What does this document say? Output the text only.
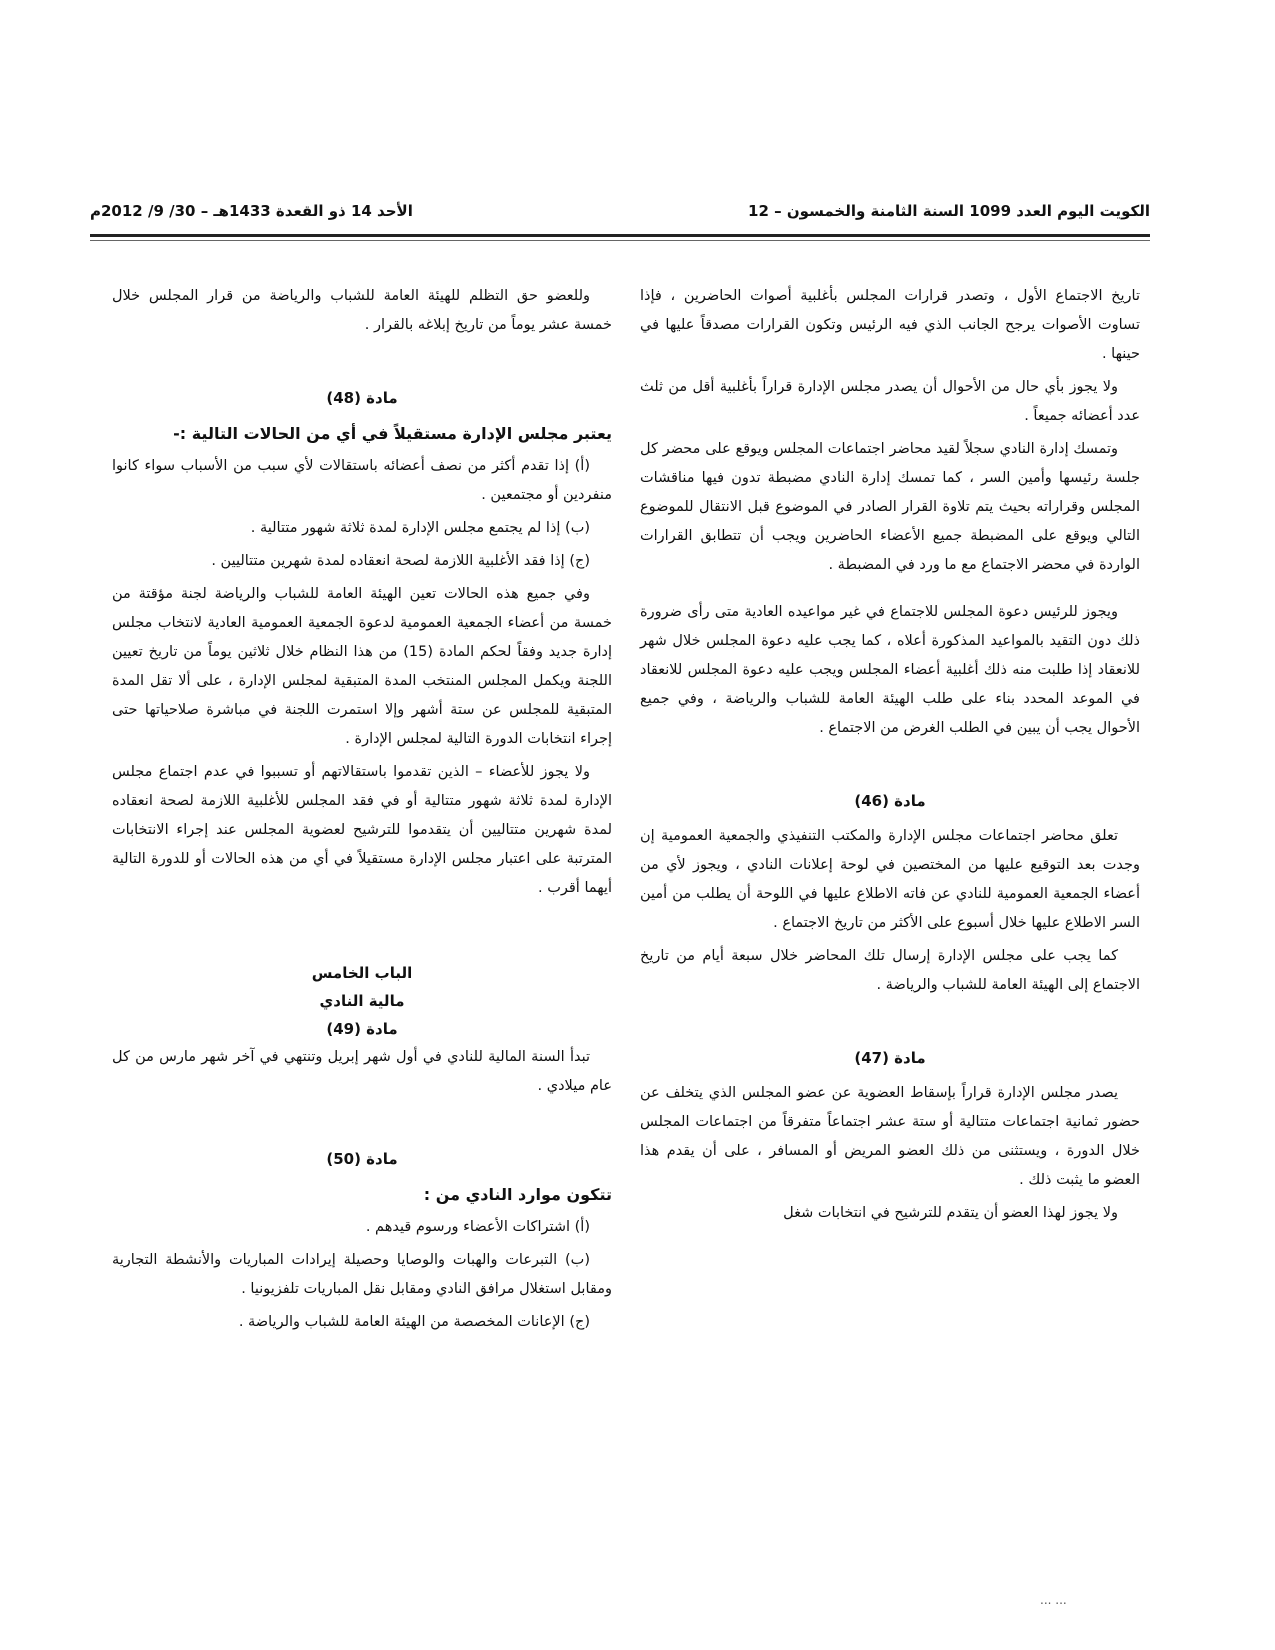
الكويت اليوم العدد 1099 السنة الثامنة والخمسون – 12
الأحد 14 ذو القعدة 1433هـ – 30/ 9/ 2012م

تاريخ الاجتماع الأول ، وتصدر قرارات المجلس بأغلبية أصوات الحاضرين ، فإذا تساوت الأصوات يرجح الجانب الذي فيه الرئيس وتكون القرارات مصدقاً عليها في حينها .

ولا يجوز بأي حال من الأحوال أن يصدر مجلس الإدارة قراراً بأغلبية أقل من ثلث عدد أعضائه جميعاً .

وتمسك إدارة النادي سجلاً لقيد محاضر اجتماعات المجلس ويوقع على محضر كل جلسة رئيسها وأمين السر ، كما تمسك إدارة النادي مضبطة تدون فيها مناقشات المجلس وقراراته بحيث يتم تلاوة القرار الصادر في الموضوع قبل الانتقال للموضوع التالي ويوقع على المضبطة جميع الأعضاء الحاضرين ويجب أن تتطابق القرارات الواردة في محضر الاجتماع مع ما ورد في المضبطة .

ويجوز للرئيس دعوة المجلس للاجتماع في غير مواعيده العادية متى رأى ضرورة ذلك دون التقيد بالمواعيد المذكورة أعلاه ، كما يجب عليه دعوة المجلس خلال شهر للانعقاد إذا طلبت منه ذلك أغلبية أعضاء المجلس ويجب عليه دعوة المجلس للانعقاد في الموعد المحدد بناء على طلب الهيئة العامة للشباب والرياضة ، وفي جميع الأحوال يجب أن يبين في الطلب الغرض من الاجتماع .

مادة (46)

تعلق محاضر اجتماعات مجلس الإدارة والمكتب التنفيذي والجمعية العمومية إن وجدت بعد التوقيع عليها من المختصين في لوحة إعلانات النادي ، ويجوز لأي من أعضاء الجمعية العمومية للنادي عن فاته الاطلاع عليها في اللوحة أن يطلب من أمين السر الاطلاع عليها خلال أسبوع على الأكثر من تاريخ الاجتماع .

كما يجب على مجلس الإدارة إرسال تلك المحاضر خلال سبعة أيام من تاريخ الاجتماع إلى الهيئة العامة للشباب والرياضة .

مادة (47)

يصدر مجلس الإدارة قراراً بإسقاط العضوية عن عضو المجلس الذي يتخلف عن حضور ثمانية اجتماعات متتالية أو ستة عشر اجتماعاً متفرقاً من اجتماعات المجلس خلال الدورة ، ويستثنى من ذلك العضو المريض أو المسافر ، على أن يقدم هذا العضو ما يثبت ذلك .

ولا يجوز لهذا العضو أن يتقدم للترشيح في انتخابات شغل

وللعضو حق التظلم للهيئة العامة للشباب والرياضة من قرار المجلس خلال خمسة عشر يوماً من تاريخ إبلاغه بالقرار .

مادة (48)

يعتبر مجلس الإدارة مستقيلاً في أي من الحالات التالية :-

(أ) إذا تقدم أكثر من نصف أعضائه باستقالات لأي سبب من الأسباب سواء كانوا منفردين أو مجتمعين .

(ب) إذا لم يجتمع مجلس الإدارة لمدة ثلاثة شهور متتالية .

(ج) إذا فقد الأغلبية اللازمة لصحة انعقاده لمدة شهرين متتاليين .

وفي جميع هذه الحالات تعين الهيئة العامة للشباب والرياضة لجنة مؤقتة من خمسة من أعضاء الجمعية العمومية لدعوة الجمعية العمومية العادية لانتخاب مجلس إدارة جديد وفقاً لحكم المادة (15) من هذا النظام خلال ثلاثين يوماً من تاريخ تعيين اللجنة ويكمل المجلس المنتخب المدة المتبقية لمجلس الإدارة ، على ألا تقل المدة المتبقية للمجلس عن ستة أشهر وإلا استمرت اللجنة في مباشرة صلاحياتها حتى إجراء انتخابات الدورة التالية لمجلس الإدارة .

ولا يجوز للأعضاء – الذين تقدموا باستقالاتهم أو تسببوا في عدم اجتماع مجلس الإدارة لمدة ثلاثة شهور متتالية أو في فقد المجلس للأغلبية اللازمة لصحة انعقاده لمدة شهرين متتاليين أن يتقدموا للترشيح لعضوية المجلس عند إجراء الانتخابات المترتبة على اعتبار مجلس الإدارة مستقيلاً في أي من هذه الحالات أو للدورة التالية أيهما أقرب .

الباب الخامس
مالية النادي
مادة (49)

تبدأ السنة المالية للنادي في أول شهر إبريل وتنتهي في آخر شهر مارس من كل عام ميلادي .

مادة (50)

تتكون موارد النادي من :

(أ) اشتراكات الأعضاء ورسوم قيدهم .

(ب) التبرعات والهبات والوصايا وحصيلة إيرادات المباريات والأنشطة التجارية ومقابل استغلال مرافق النادي ومقابل نقل المباريات تلفزيونيا .

(ج) الإعانات المخصصة من الهيئة العامة للشباب والرياضة .

... ...
